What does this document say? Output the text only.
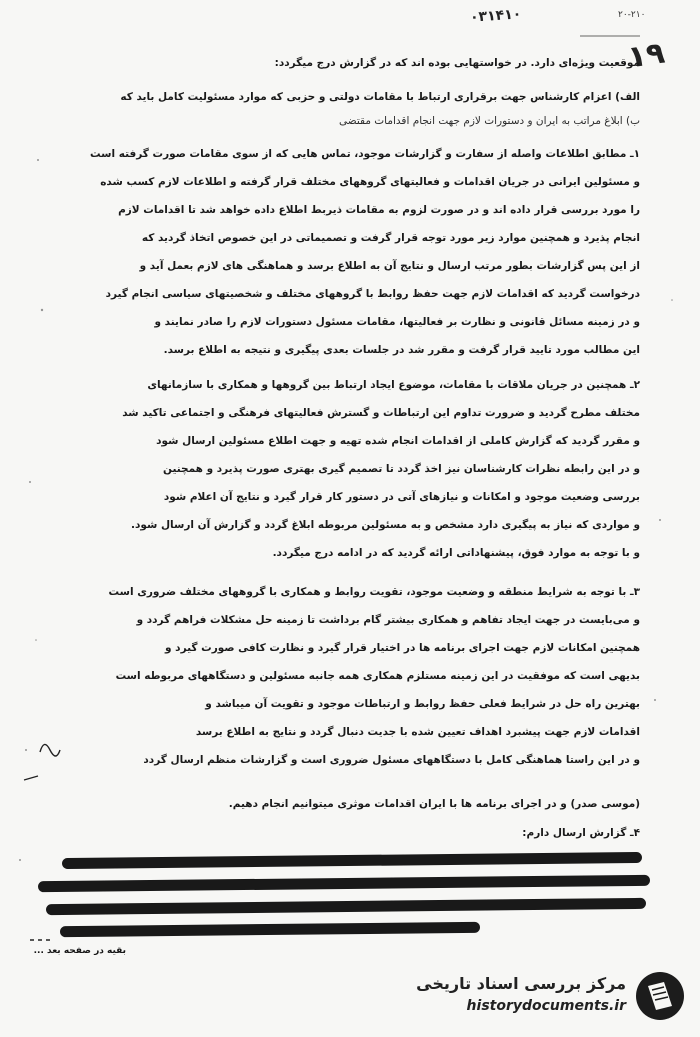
۰۳۱۴۱۰	۲۰-۲۱۰
۱۹
موقعیت ویژه‌ای دارد. در خواستهایی بوده اند که در گزارش درج میگردد:
الف) اعزام کارشناس جهت برقراری ارتباط با مقامات دولتی و حزبی که موارد مسئولیت کامل باید که
ب) ابلاغ مراتب به ایران و دستورات لازم جهت انجام اقدامات مقتضی
۱ـ مطابق اطلاعات واصله از سفارت و گزارشات موجود، تماس هایی که از سوی مقامات صورت گرفته است
و مسئولین ایرانی در جریان اقدامات و فعالیتهای گروههای مختلف قرار گرفته و اطلاعات لازم کسب شده
را مورد بررسی قرار داده اند و در صورت لزوم به مقامات ذیربط اطلاع داده خواهد شد تا اقدامات لازم
انجام پذیرد و همچنین موارد زیر مورد توجه قرار گرفت و تصمیماتی در این خصوص اتخاذ گردید که
از این پس گزارشات بطور مرتب ارسال و نتایج آن به اطلاع برسد و هماهنگی های لازم بعمل آید و
درخواست گردید که اقدامات لازم جهت حفظ روابط با گروههای مختلف و شخصیتهای سیاسی انجام گیرد
و در زمینه مسائل قانونی و نظارت بر فعالیتها، مقامات مسئول دستورات لازم را صادر نمایند و
این مطالب مورد تایید قرار گرفت و مقرر شد در جلسات بعدی پیگیری و نتیجه به اطلاع برسد.
۲ـ همچنین در جریان ملاقات با مقامات، موضوع ایجاد ارتباط بین گروهها و همکاری با سازمانهای
مختلف مطرح گردید و ضرورت تداوم این ارتباطات و گسترش فعالیتهای فرهنگی و اجتماعی تاکید شد
و مقرر گردید که گزارش کاملی از اقدامات انجام شده تهیه و جهت اطلاع مسئولین ارسال شود
و در این رابطه نظرات کارشناسان نیز اخذ گردد تا تصمیم گیری بهتری صورت پذیرد و همچنین
بررسی وضعیت موجود و امکانات و نیازهای آتی در دستور کار قرار گیرد و نتایج آن اعلام شود
و مواردی که نیاز به پیگیری دارد مشخص و به مسئولین مربوطه ابلاغ گردد و گزارش آن ارسال شود.
و با توجه به موارد فوق، پیشنهاداتی ارائه گردید که در ادامه درج میگردد.
۳ـ با توجه به شرایط منطقه و وضعیت موجود، تقویت روابط و همکاری با گروههای مختلف ضروری است
و می‌بایست در جهت ایجاد تفاهم و همکاری بیشتر گام برداشت تا زمینه حل مشکلات فراهم گردد و
همچنین امکانات لازم جهت اجرای برنامه ها در اختیار قرار گیرد و نظارت کافی صورت گیرد و
بدیهی است که موفقیت در این زمینه مستلزم همکاری همه جانبه مسئولین و دستگاههای مربوطه است
بهترین راه حل در شرایط فعلی حفظ روابط و ارتباطات موجود و تقویت آن میباشد و
اقدامات لازم جهت پیشبرد اهداف تعیین شده با جدیت دنبال گردد و نتایج به اطلاع برسد
و در این راستا هماهنگی کامل با دستگاههای مسئول ضروری است و گزارشات منظم ارسال گردد
(موسی صدر) و در اجرای برنامه ها با ایران اقدامات موثری میتوانیم انجام دهیم.
۴ـ گزارش ارسال دارم:
بقیه در صفحه بعد ...
مرکز بررسی اسناد تاریخی
historydocuments.ir
